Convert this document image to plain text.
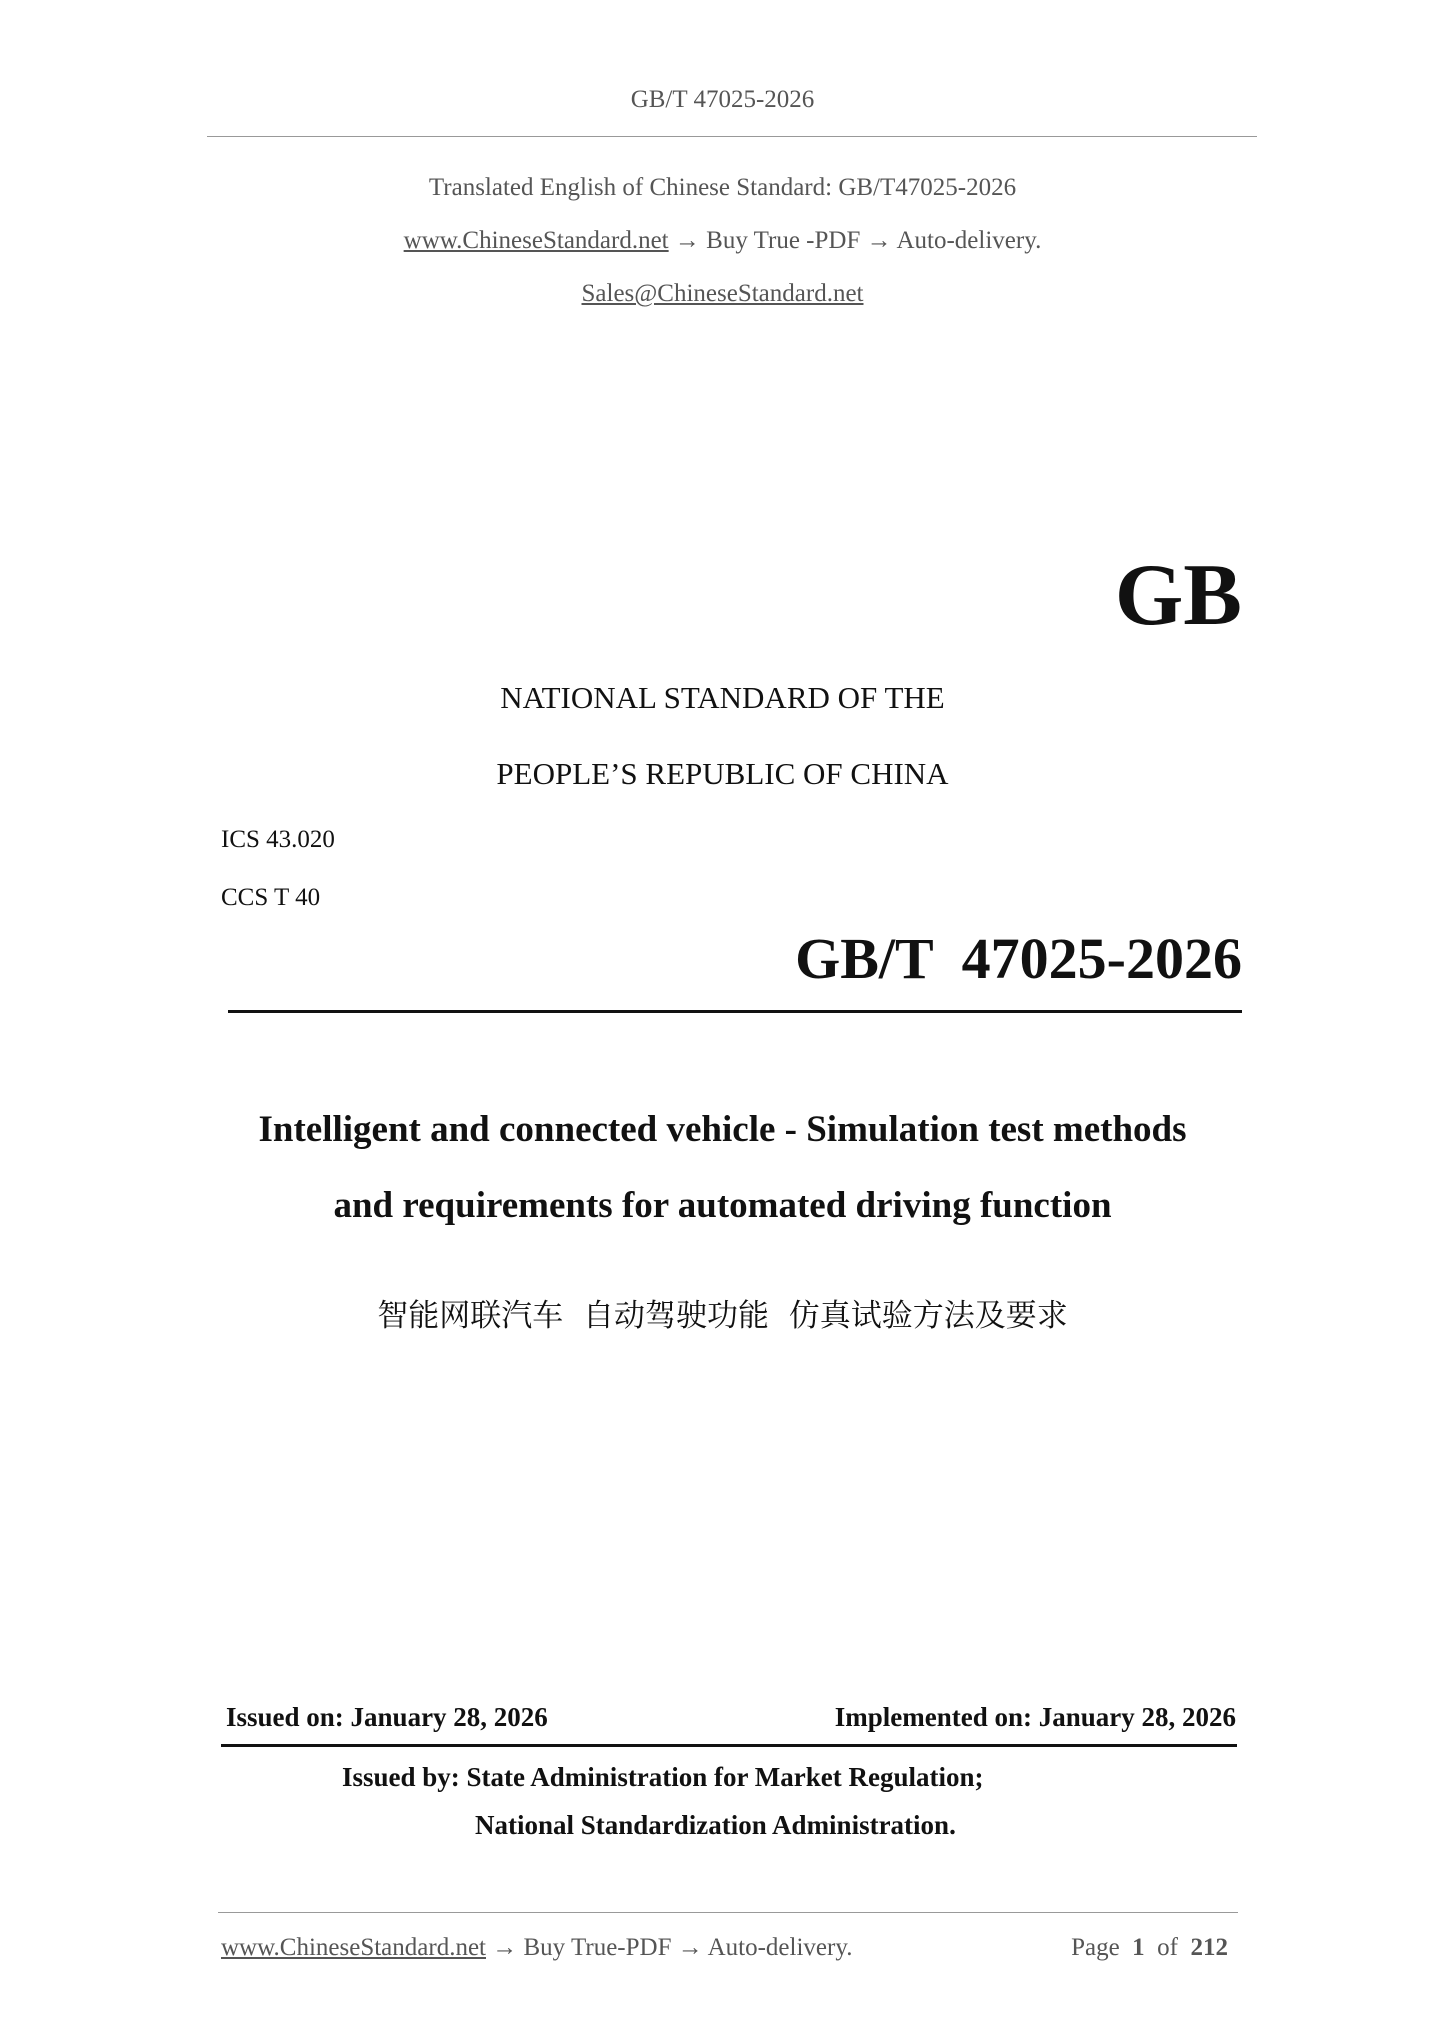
GB/T 47025-2026
Translated English of Chinese Standard: GB/T47025-2026
www.ChineseStandard.net → Buy True -PDF → Auto-delivery.
Sales@ChineseStandard.net
GB
NATIONAL STANDARD OF THE
PEOPLE’S REPUBLIC OF CHINA
ICS 43.020
CCS T 40
GB/T  47025-2026
Intelligent and connected vehicle - Simulation test methods
and requirements for automated driving function
智能网联汽车  自动驾驶功能  仿真试验方法及要求
Issued on: January 28, 2026	Implemented on: January 28, 2026
Issued by: State Administration for Market Regulation;
National Standardization Administration.
www.ChineseStandard.net → Buy True-PDF → Auto-delivery.	Page 1 of 212
